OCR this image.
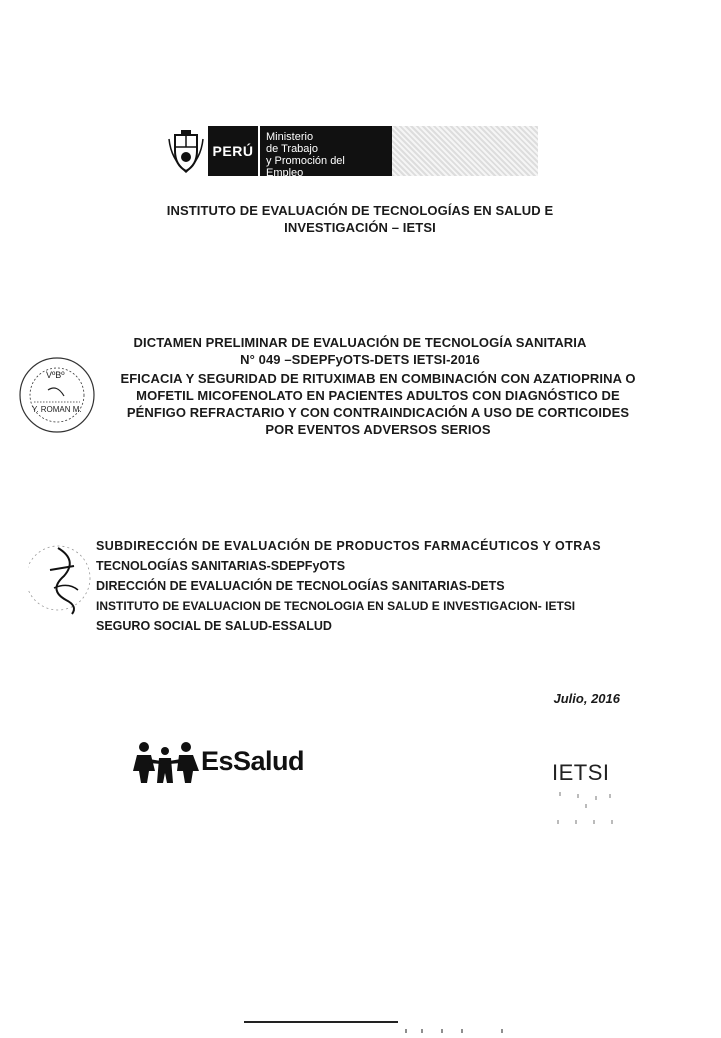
PERÚ
Ministerio
de Trabajo
y Promoción del Empleo
INSTITUTO DE EVALUACIÓN DE TECNOLOGÍAS EN SALUD E
INVESTIGACIÓN – IETSI
DICTAMEN PRELIMINAR DE EVALUACIÓN DE TECNOLOGÍA SANITARIA
N° 049 –SDEPFyOTS-DETS IETSI-2016
EFICACIA Y SEGURIDAD DE RITUXIMAB EN COMBINACIÓN CON AZATIOPRINA O
MOFETIL MICOFENOLATO EN PACIENTES ADULTOS CON DIAGNÓSTICO DE
PÉNFIGO REFRACTARIO Y CON CONTRAINDICACIÓN A USO DE CORTICOIDES
POR EVENTOS ADVERSOS SERIOS
VºBº
Y. ROMAN M.
SUBDIRECCIÓN DE EVALUACIÓN DE PRODUCTOS FARMACÉUTICOS Y OTRAS
TECNOLOGÍAS SANITARIAS-SDEPFyOTS
DIRECCIÓN DE EVALUACIÓN DE TECNOLOGÍAS SANITARIAS-DETS
INSTITUTO DE EVALUACION DE TECNOLOGIA EN SALUD E INVESTIGACION- IETSI
SEGURO SOCIAL DE SALUD-ESSALUD
Julio, 2016
EsSalud	IETSI
